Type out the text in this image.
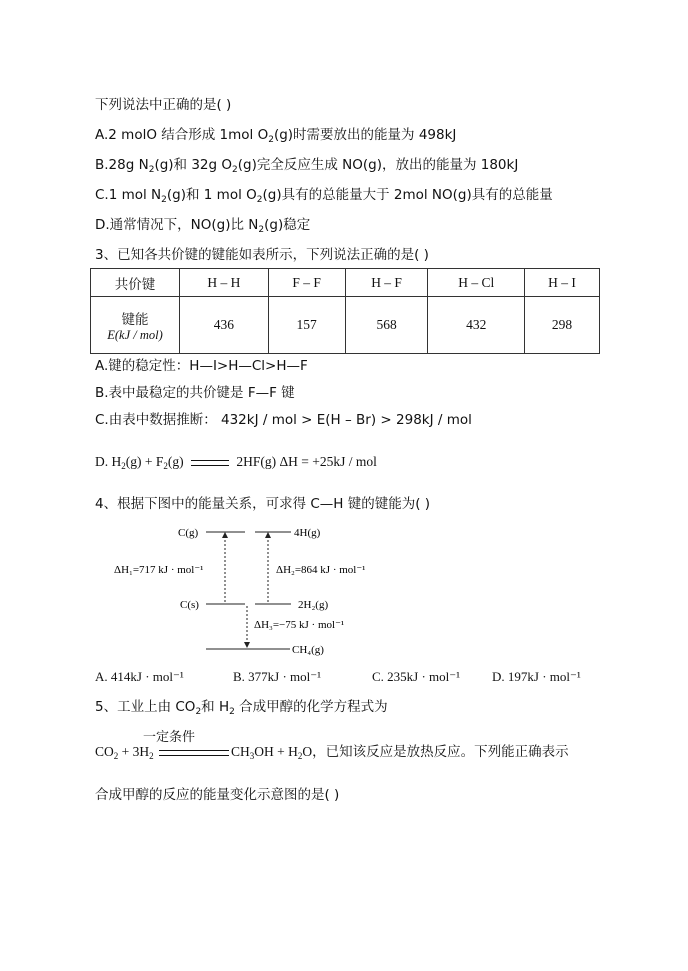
下列说法中正确的是( )
A.2 molO 结合形成 1mol $O_2(g)$时需要放出的能量为 498kJ
B.28g $N_2(g)$和 32g $O_2(g)$完全反应生成 NO(g)，放出的能量为 180kJ
C.1 mol $N_2(g)$和 1 mol $O_2(g)$具有的总能量大于 2mol NO(g)具有的总能量
D.通常情况下，NO(g)比 $N_2(g)$稳定
3、已知各共价键的键能如表所示，下列说法正确的是( )
共价键	H – H	F – F	H – F	H – Cl	H – I

键能
E(kJ / mol)	436	157	568	432	298
A.键的稳定性：H—I>H—Cl>H—F
B.表中最稳定的共价键是 F—F 键
C.由表中数据推断： 432kJ / mol > E(H – Br) > 298kJ / mol
D. $H_2(g) + F_2(g)$	2HF(g) ΔH = +25kJ / mol
4、根据下图中的能量关系，可求得 C—H 键的键能为( )
C(g)	4H(g)
ΔH₁=717 kJ · mol⁻¹	ΔH₂=864 kJ · mol⁻¹
C(s)	2H₂(g)
ΔH₃=−75 kJ · mol⁻¹
CH₄(g)
A. 414kJ · mol⁻¹	B. 377kJ · mol⁻¹	C. 235kJ · mol⁻¹ D. 197kJ · mol⁻¹
5、工业上由 $CO_2$和 $H_2$ 合成甲醇的化学方程式为
一定条件
$CO_2 + 3H_2$	$CH_3OH + H_2O$，已知该反应是放热反应。下列能正确表示
合成甲醇的反应的能量变化示意图的是( )
